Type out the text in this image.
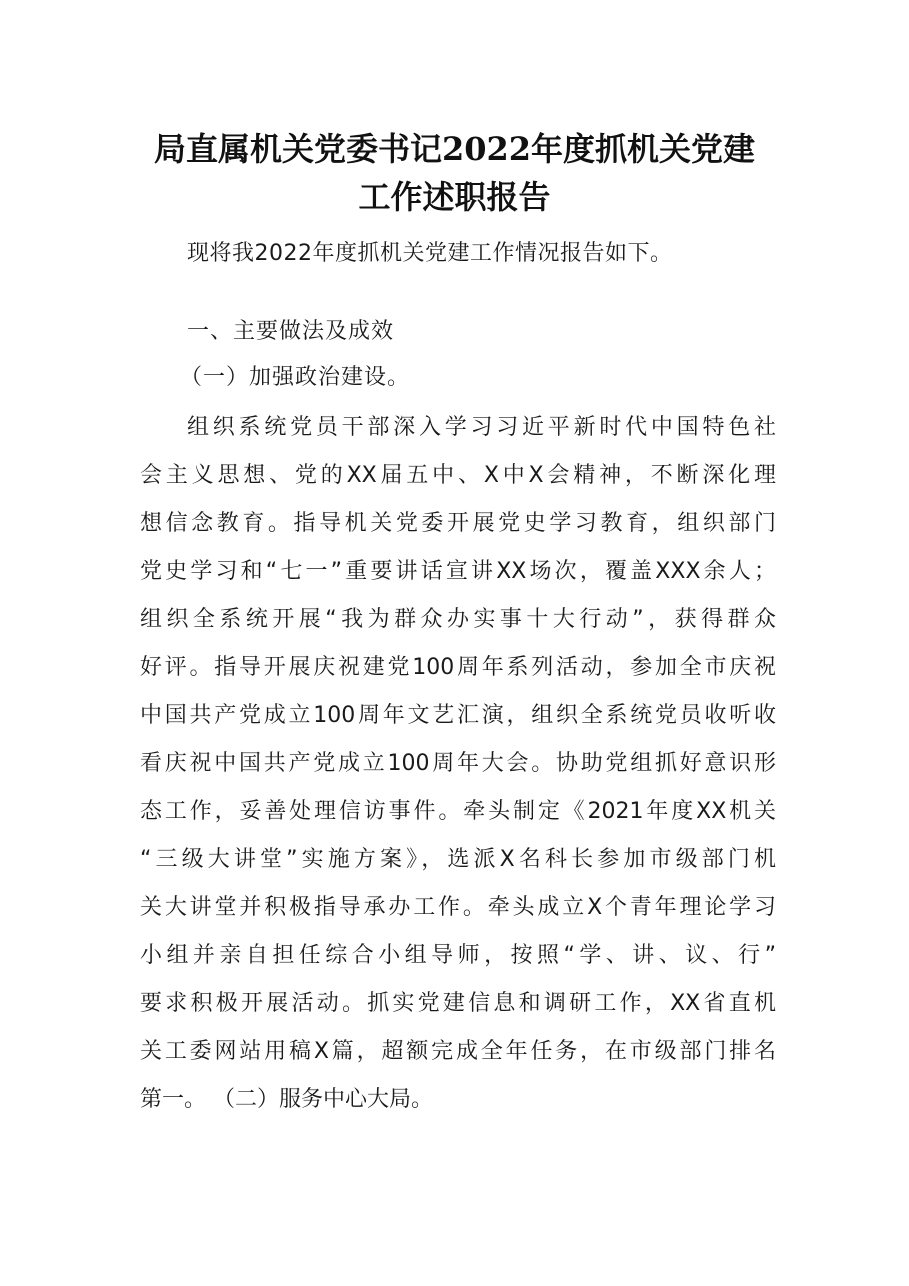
局直属机关党委书记2022年度抓机关党建
工作述职报告
现将我2022年度抓机关党建工作情况报告如下。
一、主要做法及成效
（一）加强政治建设。
组织系统党员干部深入学习习近平新时代中国特色社
会主义思想、党的XX届五中、X中X会精神，不断深化理
想信念教育。指导机关党委开展党史学习教育，组织部门
党史学习和“七一”重要讲话宣讲XX场次，覆盖XXX余人；
组织全系统开展“我为群众办实事十大行动”，获得群众
好评。指导开展庆祝建党100周年系列活动，参加全市庆祝
中国共产党成立100周年文艺汇演，组织全系统党员收听收
看庆祝中国共产党成立100周年大会。协助党组抓好意识形
态工作，妥善处理信访事件。牵头制定《2021年度XX机关
“三级大讲堂”实施方案》，选派X名科长参加市级部门机
关大讲堂并积极指导承办工作。牵头成立X个青年理论学习
小组并亲自担任综合小组导师，按照“学、讲、议、行”
要求积极开展活动。抓实党建信息和调研工作，XX省直机
关工委网站用稿X篇，超额完成全年任务，在市级部门排名
第一。 （二）服务中心大局。
